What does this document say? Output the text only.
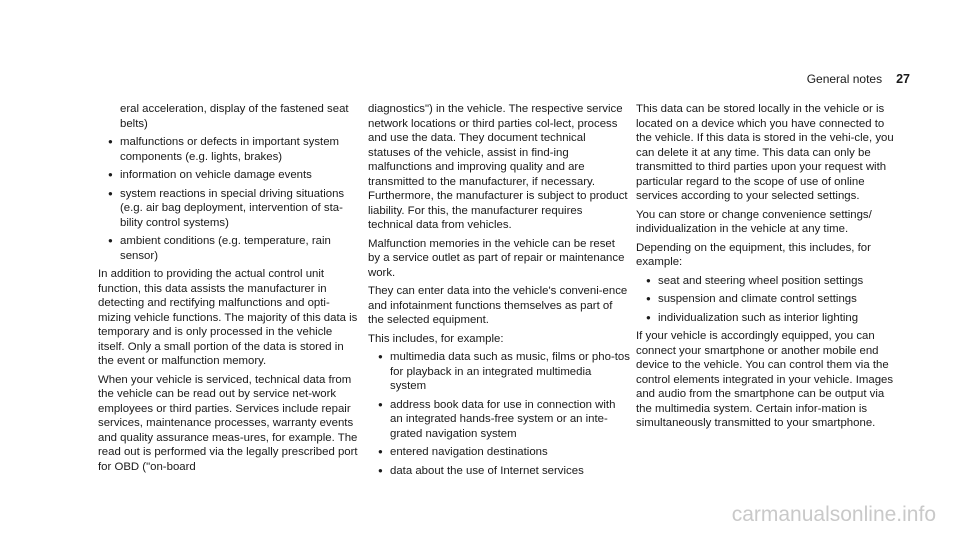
General notes 27

eral acceleration, display of the fastened seat belts)

● malfunctions or defects in important system components (e.g. lights, brakes)
● information on vehicle damage events
● system reactions in special driving situations (e.g. air bag deployment, intervention of sta-bility control systems)
● ambient conditions (e.g. temperature, rain sensor)

In addition to providing the actual control unit function, this data assists the manufacturer in detecting and rectifying malfunctions and opti-mizing vehicle functions. The majority of this data is temporary and is only processed in the vehicle itself. Only a small portion of the data is stored in the event or malfunction memory.

When your vehicle is serviced, technical data from the vehicle can be read out by service net-work employees or third parties. Services include repair services, maintenance processes, warranty events and quality assurance meas-ures, for example. The read out is performed via the legally prescribed port for OBD ("on-board

diagnostics") in the vehicle. The respective service network locations or third parties col-lect, process and use the data. They document technical statuses of the vehicle, assist in find-ing malfunctions and improving quality and are transmitted to the manufacturer, if necessary. Furthermore, the manufacturer is subject to product liability. For this, the manufacturer requires technical data from vehicles.

Malfunction memories in the vehicle can be reset by a service outlet as part of repair or maintenance work.

They can enter data into the vehicle's conveni-ence and infotainment functions themselves as part of the selected equipment.

This includes, for example:

● multimedia data such as music, films or pho-tos for playback in an integrated multimedia system
● address book data for use in connection with an integrated hands-free system or an inte-grated navigation system
● entered navigation destinations
● data about the use of Internet services

This data can be stored locally in the vehicle or is located on a device which you have connected to the vehicle. If this data is stored in the vehi-cle, you can delete it at any time. This data can only be transmitted to third parties upon your request with particular regard to the scope of use of online services according to your selected settings.

You can store or change convenience settings/ individualization in the vehicle at any time.

Depending on the equipment, this includes, for example:

● seat and steering wheel position settings
● suspension and climate control settings
● individualization such as interior lighting

If your vehicle is accordingly equipped, you can connect your smartphone or another mobile end device to the vehicle. You can control them via the control elements integrated in your vehicle. Images and audio from the smartphone can be output via the multimedia system. Certain infor-mation is simultaneously transmitted to your smartphone.

carmanualsonline.info
